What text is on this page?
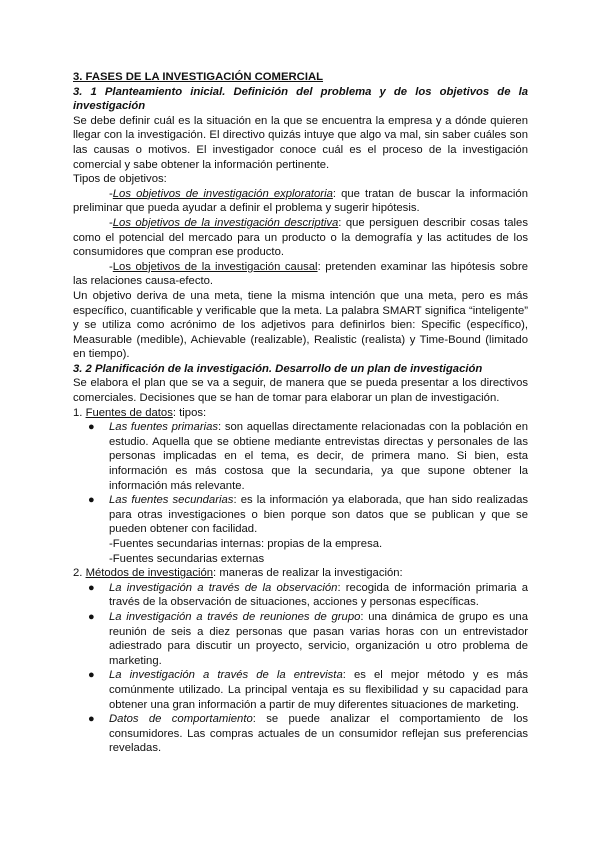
3. FASES DE LA INVESTIGACIÓN COMERCIAL

3. 1 Planteamiento inicial. Definición del problema y de los objetivos de la investigación

Se debe definir cuál es la situación en la que se encuentra la empresa y a dónde quieren llegar con la investigación. El directivo quizás intuye que algo va mal, sin saber cuáles son las causas o motivos. El investigador conoce cuál es el proceso de la investigación comercial y sabe obtener la información pertinente.

Tipos de objetivos:

-Los objetivos de investigación exploratoria: que tratan de buscar la información preliminar que pueda ayudar a definir el problema y sugerir hipótesis.

-Los objetivos de la investigación descriptiva: que persiguen describir cosas tales como el potencial del mercado para un producto o la demografía y las actitudes de los consumidores que compran ese producto.

-Los objetivos de la investigación causal: pretenden examinar las hipótesis sobre las relaciones causa-efecto.

Un objetivo deriva de una meta, tiene la misma intención que una meta, pero es más específico, cuantificable y verificable que la meta. La palabra SMART significa “inteligente” y se utiliza como acrónimo de los adjetivos para definirlos bien: Specific (específico), Measurable (medible), Achievable (realizable), Realistic (realista) y Time-Bound (limitado en tiempo).

3. 2 Planificación de la investigación. Desarrollo de un plan de investigación

Se elabora el plan que se va a seguir, de manera que se pueda presentar a los directivos comerciales. Decisiones que se han de tomar para elaborar un plan de investigación.

1. Fuentes de datos: tipos:

● Las fuentes primarias: son aquellas directamente relacionadas con la población en estudio. Aquella que se obtiene mediante entrevistas directas y personales de las personas implicadas en el tema, es decir, de primera mano. Si bien, esta información es más costosa que la secundaria, ya que supone obtener la información más relevante.
● Las fuentes secundarias: es la información ya elaborada, que han sido realizadas para otras investigaciones o bien porque son datos que se publican y que se pueden obtener con facilidad.

-Fuentes secundarias internas: propias de la empresa.

-Fuentes secundarias externas

2. Métodos de investigación: maneras de realizar la investigación:

● La investigación a través de la observación: recogida de información primaria a través de la observación de situaciones, acciones y personas específicas.
● La investigación a través de reuniones de grupo: una dinámica de grupo es una reunión de seis a diez personas que pasan varias horas con un entrevistador adiestrado para discutir un proyecto, servicio, organización u otro problema de marketing.
● La investigación a través de la entrevista: es el mejor método y es más comúnmente utilizado. La principal ventaja es su flexibilidad y su capacidad para obtener una gran información a partir de muy diferentes situaciones de marketing.
● Datos de comportamiento: se puede analizar el comportamiento de los consumidores. Las compras actuales de un consumidor reflejan sus preferencias reveladas.
